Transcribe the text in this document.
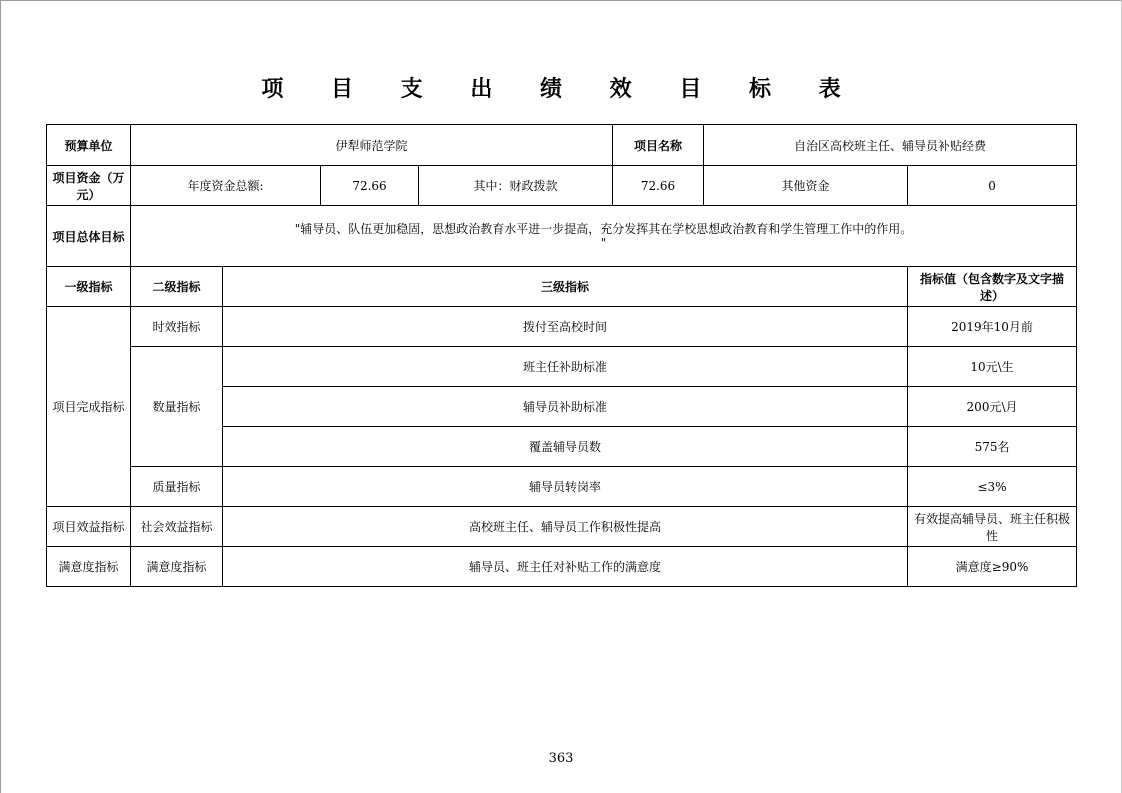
项 目 支 出 绩 效 目 标 表
预算单位	伊犁师范学院				项目名称	自治区高校班主任、辅导员补贴经费	
项目资金（万元）	年度资金总额:		72.66	其中：财政拨款	72.66	其他资金	0
项目总体目标	"辅导员、队伍更加稳固，思想政治教育水平进一步提高，充分发挥其在学校思想政治教育和学生管理工作中的作用。
"						

一级指标	二级指标	三级指标					指标值（包含数字及文字描述）
项目完成指标	时效指标	拨付至高校时间					2019年10月前
	数量指标	班主任补助标准					10元\生
		辅导员补助标准					200元\月
		覆盖辅导员数					575名
	质量指标	辅导员转岗率					≤3%
项目效益指标	社会效益指标	高校班主任、辅导员工作积极性提高					有效提高辅导员、班主任积极性
满意度指标	满意度指标	辅导员、班主任对补贴工作的满意度					满意度≥90%
363
